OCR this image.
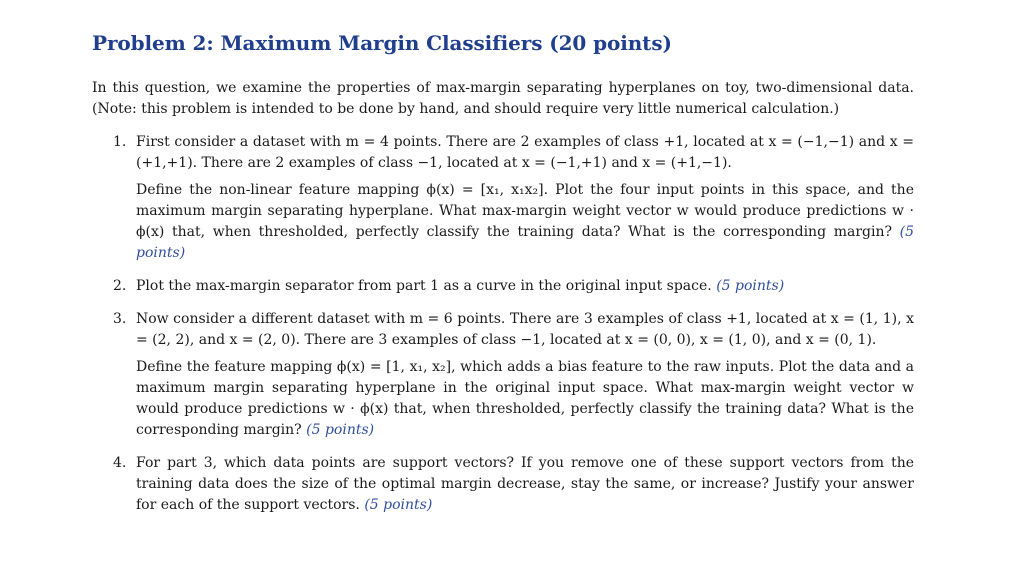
Problem 2: Maximum Margin Classifiers (20 points)

In this question, we examine the properties of max-margin separating hyperplanes on toy, two-dimensional data. (Note: this problem is intended to be done by hand, and should require very little numerical calculation.)

1. First consider a dataset with m = 4 points. There are 2 examples of class +1, located at x = (−1,−1) and x = (+1,+1). There are 2 examples of class −1, located at x = (−1,+1) and x = (+1,−1).

Define the non-linear feature mapping ϕ(x) = [x₁, x₁x₂]. Plot the four input points in this space, and the maximum margin separating hyperplane. What max-margin weight vector w would produce predictions w · ϕ(x) that, when thresholded, perfectly classify the training data? What is the corresponding margin? (5 points)

2. Plot the max-margin separator from part 1 as a curve in the original input space. (5 points)

3. Now consider a different dataset with m = 6 points. There are 3 examples of class +1, located at x = (1, 1), x = (2, 2), and x = (2, 0). There are 3 examples of class −1, located at x = (0, 0), x = (1, 0), and x = (0, 1).

Define the feature mapping ϕ(x) = [1, x₁, x₂], which adds a bias feature to the raw inputs. Plot the data and a maximum margin separating hyperplane in the original input space. What max-margin weight vector w would produce predictions w · ϕ(x) that, when thresholded, perfectly classify the training data? What is the corresponding margin? (5 points)

4. For part 3, which data points are support vectors? If you remove one of these support vectors from the training data does the size of the optimal margin decrease, stay the same, or increase? Justify your answer for each of the support vectors. (5 points)
